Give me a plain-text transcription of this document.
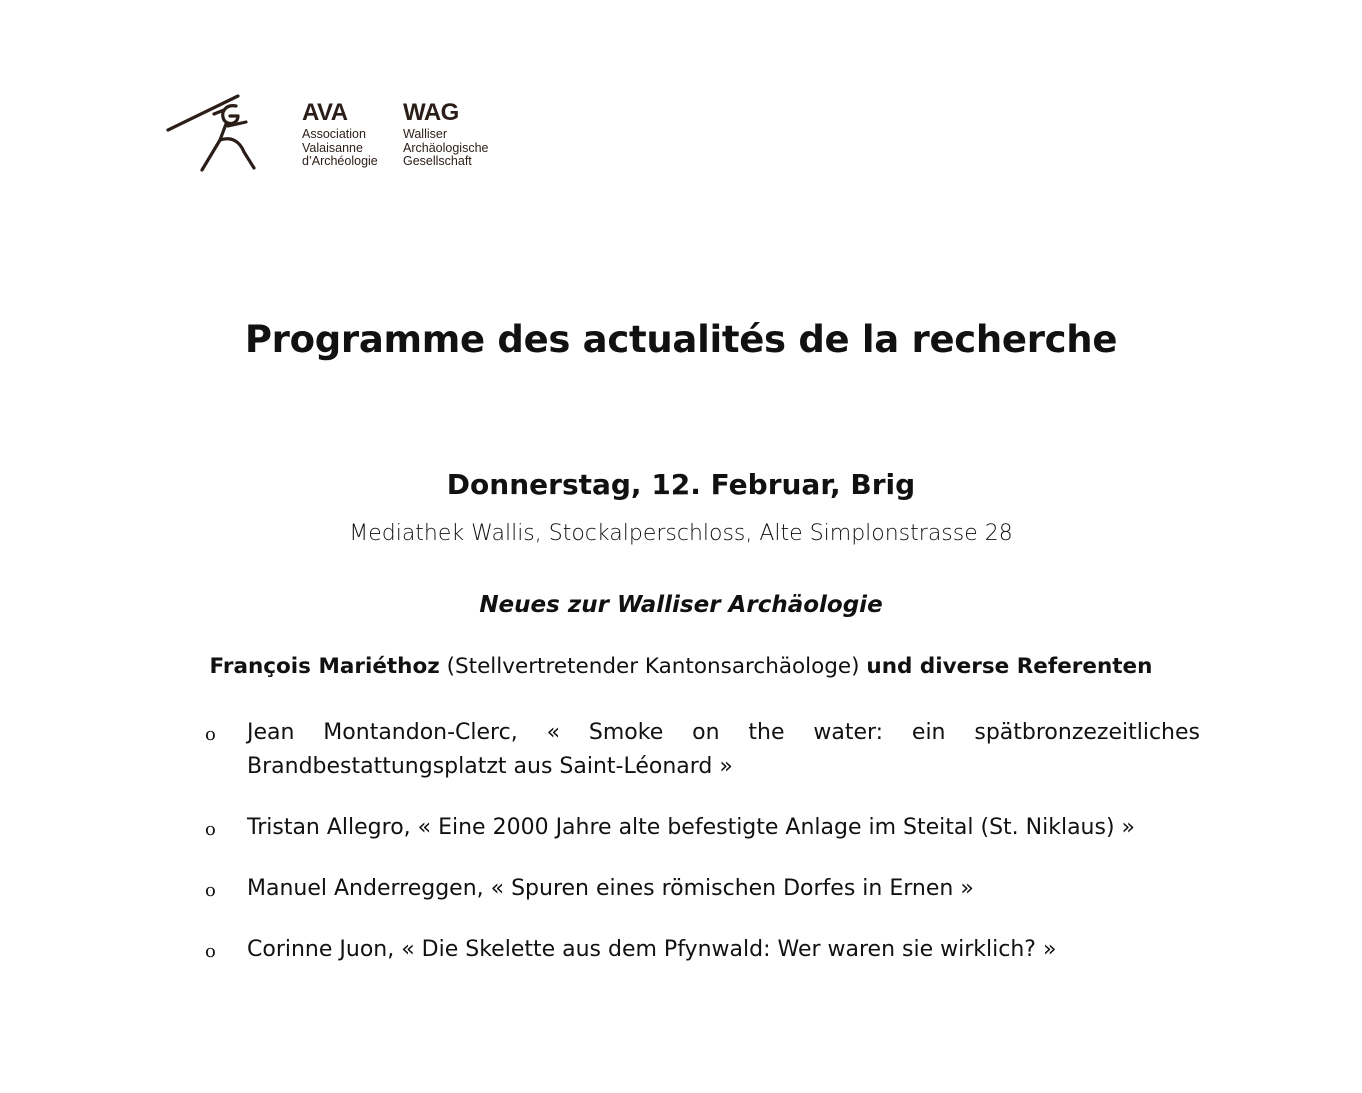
AVA
Association
Valaisanne
d’Archéologie
WAG
Walliser
Archäologische
Gesellschaft
Programme des actualités de la recherche
Donnerstag, 12. Februar, Brig
Mediathek Wallis, Stockalperschloss, Alte Simplonstrasse 28
Neues zur Walliser Archäologie
François Mariéthoz (Stellvertretender Kantonsarchäologe) und diverse Referenten
o Jean Montandon-Clerc, « Smoke on the water: ein spätbronzezeitliches Brandbestattungsplatzt aus Saint-Léonard »
o Tristan Allegro, « Eine 2000 Jahre alte befestigte Anlage im Steital (St. Niklaus) »
o Manuel Anderreggen, « Spuren eines römischen Dorfes in Ernen »
o Corinne Juon, « Die Skelette aus dem Pfynwald: Wer waren sie wirklich? »
